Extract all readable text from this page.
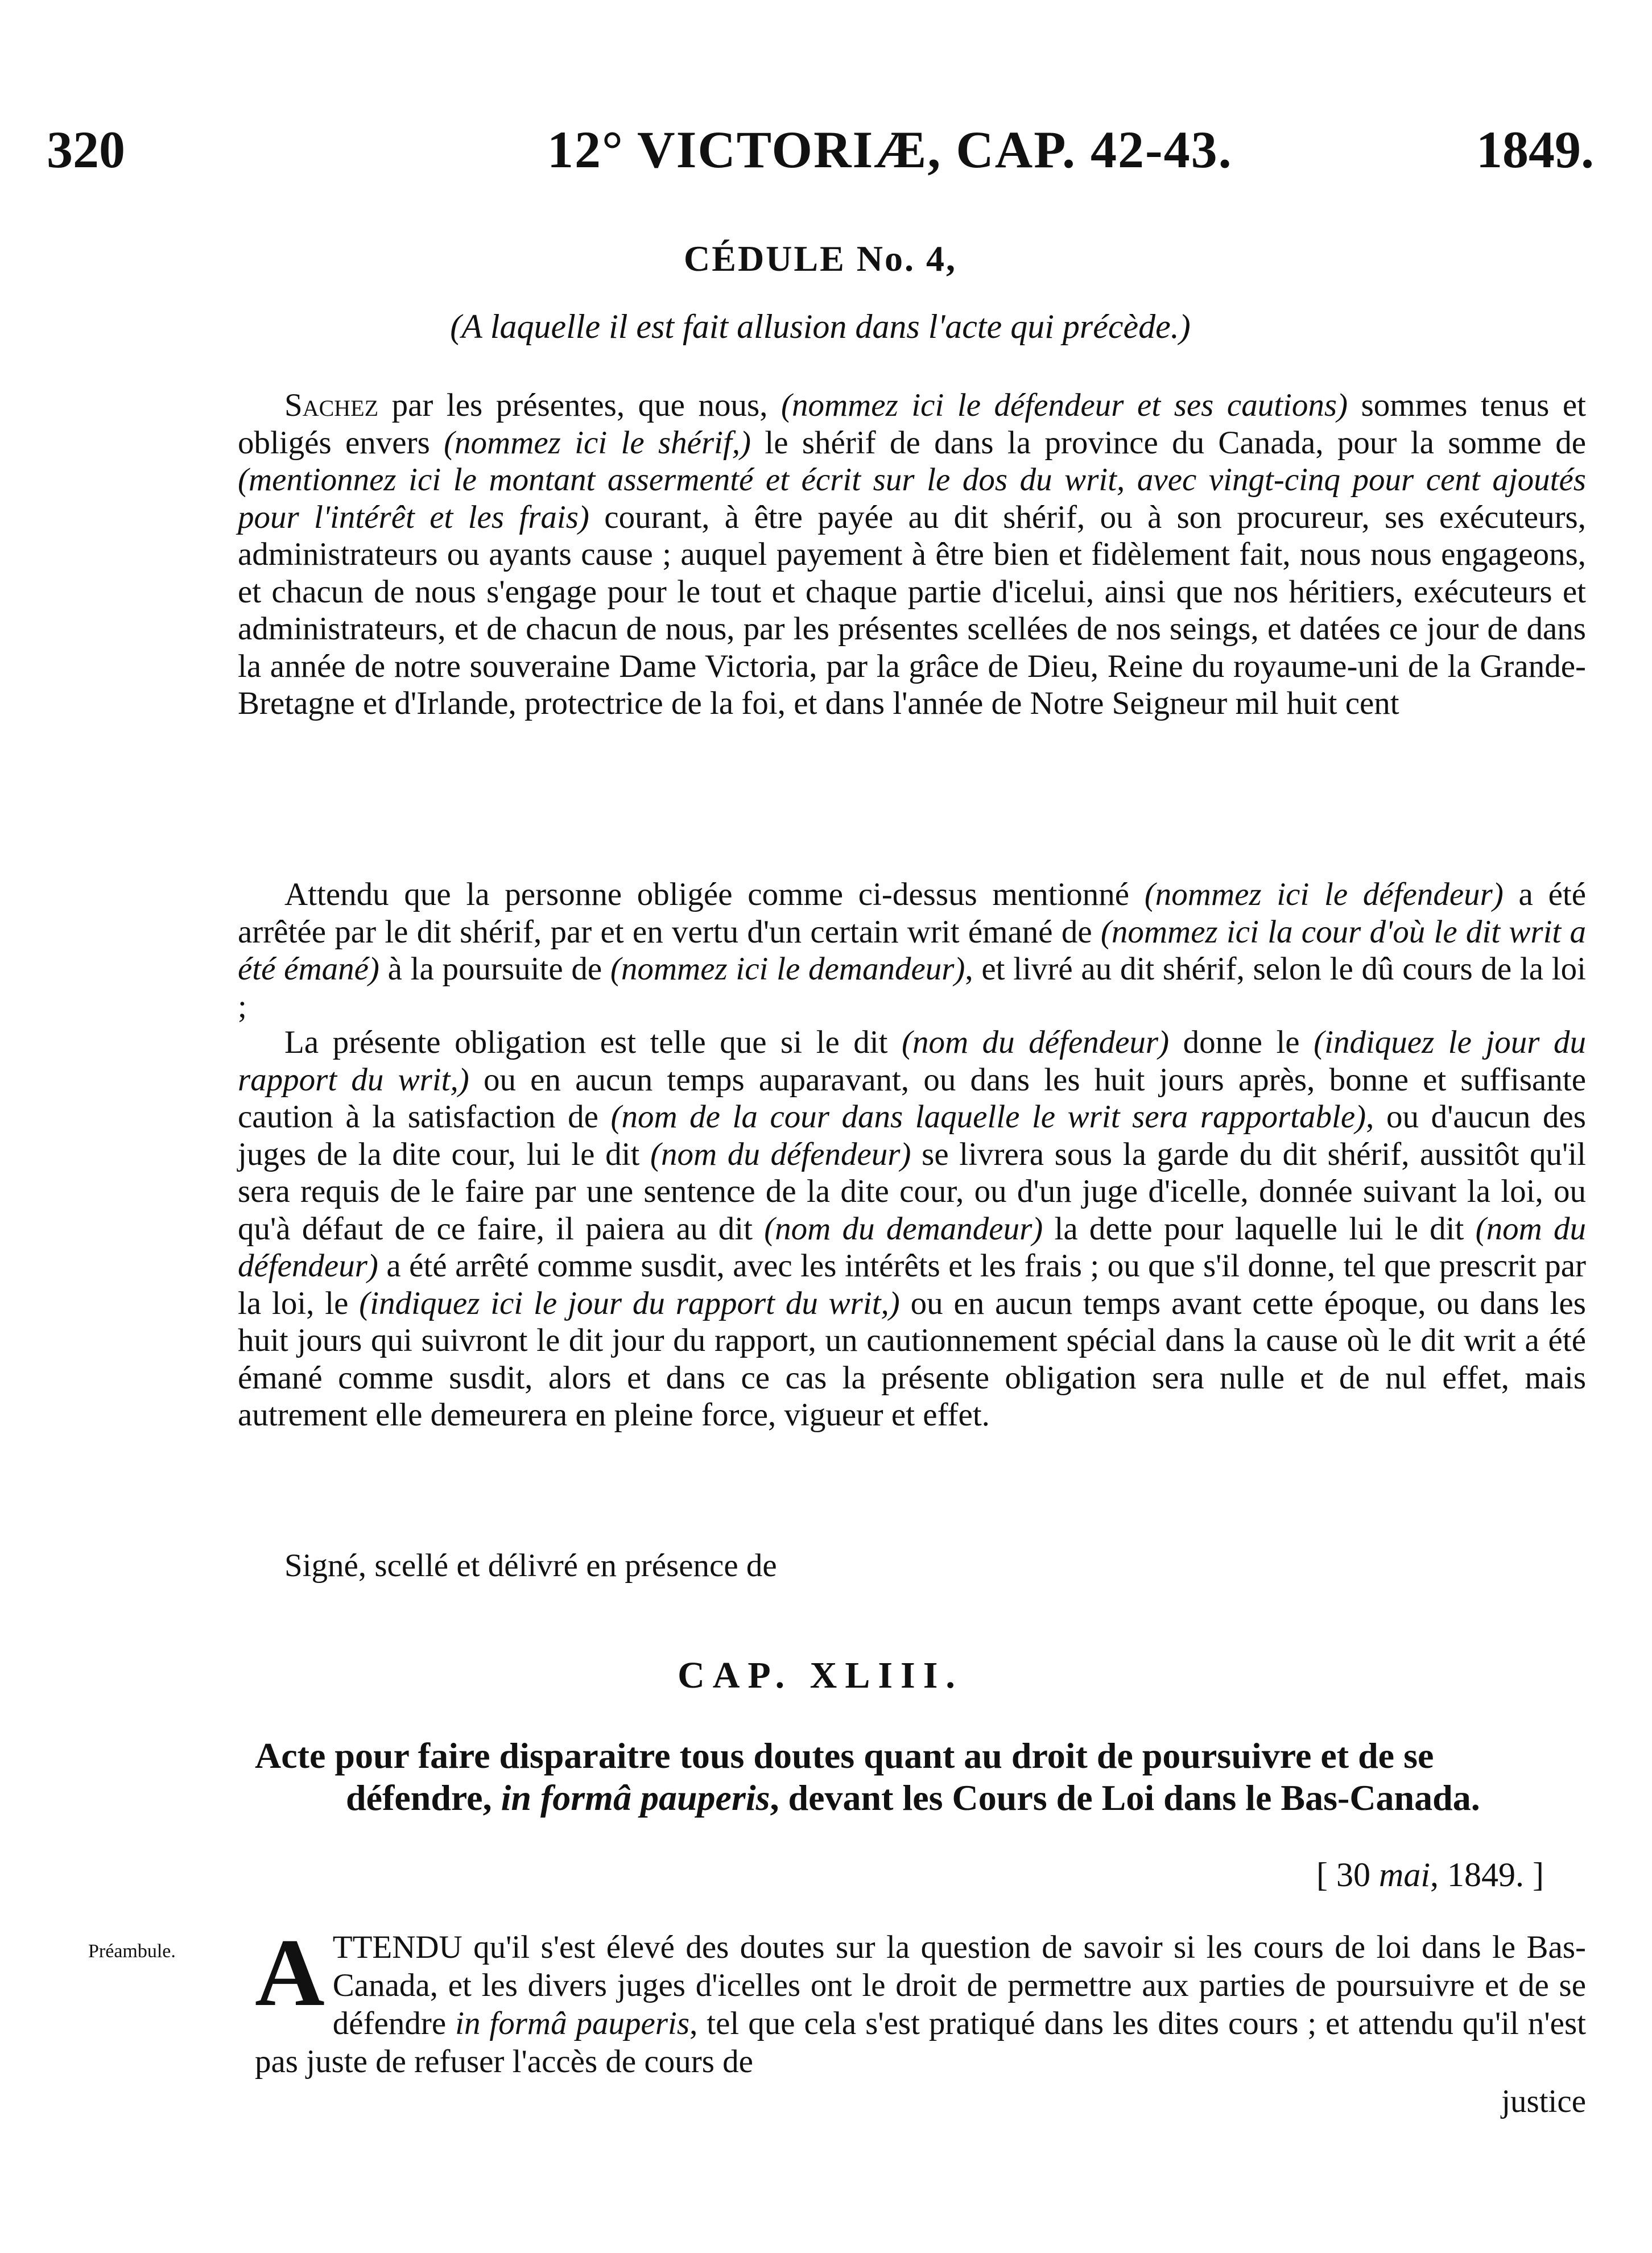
320	12° VICTORIÆ, CAP. 42-43.	1849.
CÉDULE No. 4,
(A laquelle il est fait allusion dans l'acte qui précède.)
Sachez par les présentes, que nous, (nommez ici le défendeur et ses cautions) sommes tenus et obligés envers (nommez ici le shérif,) le shérif de dans la province du Canada, pour la somme de (mentionnez ici le montant assermenté et écrit sur le dos du writ, avec vingt-cinq pour cent ajoutés pour l'intérêt et les frais) courant, à être payée au dit shérif, ou à son procureur, ses exécuteurs, administrateurs ou ayants cause ; auquel payement à être bien et fidèlement fait, nous nous engageons, et chacun de nous s'engage pour le tout et chaque partie d'icelui, ainsi que nos héritiers, exécuteurs et administrateurs, et de chacun de nous, par les présentes scellées de nos seings, et datées ce jour de dans la année de notre souveraine Dame Victoria, par la grâce de Dieu, Reine du royaume-uni de la Grande-Bretagne et d'Irlande, protectrice de la foi, et dans l'année de Notre Seigneur mil huit cent
Attendu que la personne obligée comme ci-dessus mentionné (nommez ici le défendeur) a été arrêtée par le dit shérif, par et en vertu d'un certain writ émané de (nommez ici la cour d'où le dit writ a été émané) à la poursuite de (nommez ici le demandeur), et livré au dit shérif, selon le dû cours de la loi ;
La présente obligation est telle que si le dit (nom du défendeur) donne le (indiquez le jour du rapport du writ,) ou en aucun temps auparavant, ou dans les huit jours après, bonne et suffisante caution à la satisfaction de (nom de la cour dans laquelle le writ sera rapportable), ou d'aucun des juges de la dite cour, lui le dit (nom du défendeur) se livrera sous la garde du dit shérif, aussitôt qu'il sera requis de le faire par une sentence de la dite cour, ou d'un juge d'icelle, donnée suivant la loi, ou qu'à défaut de ce faire, il paiera au dit (nom du demandeur) la dette pour laquelle lui le dit (nom du défendeur) a été arrêté comme susdit, avec les intérêts et les frais ; ou que s'il donne, tel que prescrit par la loi, le (indiquez ici le jour du rapport du writ,) ou en aucun temps avant cette époque, ou dans les huit jours qui suivront le dit jour du rapport, un cautionnement spécial dans la cause où le dit writ a été émané comme susdit, alors et dans ce cas la présente obligation sera nulle et de nul effet, mais autrement elle demeurera en pleine force, vigueur et effet.
Signé, scellé et délivré en présence de
CAP. XLIII.
Acte pour faire disparaitre tous doutes quant au droit de poursuivre et de se
défendre, in formâ pauperis, devant les Cours de Loi dans le Bas-Canada.
[ 30 mai, 1849. ]
Préambule. ATTENDU qu'il s'est élevé des doutes sur la question de savoir si les cours de loi dans le Bas-Canada, et les divers juges d'icelles ont le droit de permettre aux parties de poursuivre et de se défendre in formâ pauperis, tel que cela s'est pratiqué dans les dites cours ; et attendu qu'il n'est pas juste de refuser l'accès de cours de
justice
